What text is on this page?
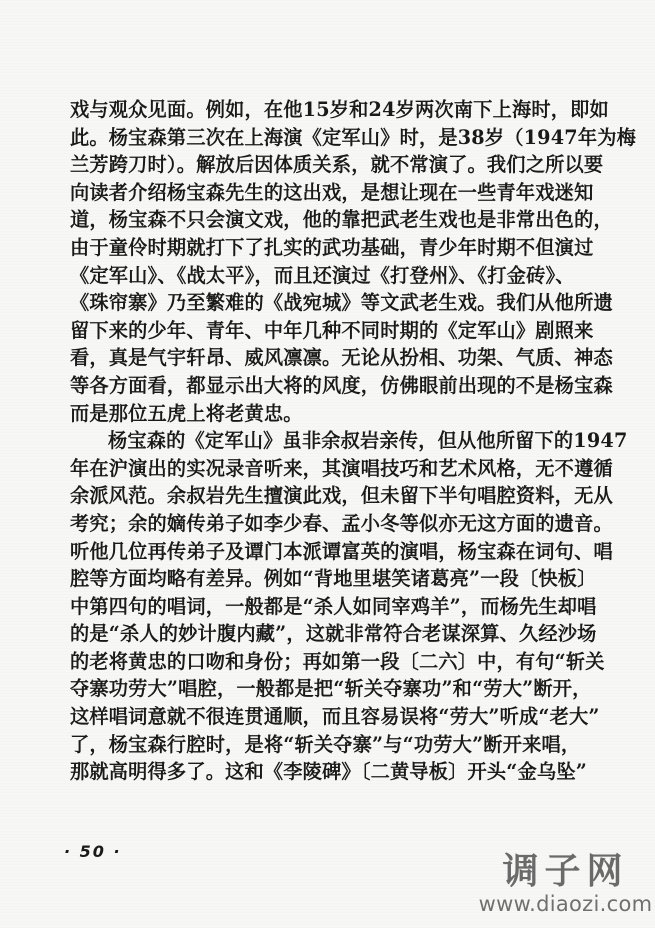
戏与观众见面。例如，在他15岁和24岁两次南下上海时，即如
此。杨宝森第三次在上海演《定军山》时，是38岁（1947年为梅
兰芳跨刀时）。解放后因体质关系，就不常演了。我们之所以要
向读者介绍杨宝森先生的这出戏，是想让现在一些青年戏迷知
道，杨宝森不只会演文戏，他的靠把武老生戏也是非常出色的，
由于童伶时期就打下了扎实的武功基础，青少年时期不但演过
《定军山》、《战太平》，而且还演过《打登州》、《打金砖》、
《珠帘寨》乃至繁难的《战宛城》等文武老生戏。我们从他所遗
留下来的少年、青年、中年几种不同时期的《定军山》剧照来
看，真是气宇轩昂、威风凛凛。无论从扮相、功架、气质、神态
等各方面看，都显示出大将的风度，仿佛眼前出现的不是杨宝森
而是那位五虎上将老黄忠。
杨宝森的《定军山》虽非余叔岩亲传，但从他所留下的1947
年在沪演出的实况录音听来，其演唱技巧和艺术风格，无不遵循
余派风范。余叔岩先生擅演此戏，但未留下半句唱腔资料，无从
考究；余的嫡传弟子如李少春、孟小冬等似亦无这方面的遗音。
听他几位再传弟子及谭门本派谭富英的演唱，杨宝森在词句、唱
腔等方面均略有差异。例如“背地里堪笑诸葛亮”一段〔快板〕
中第四句的唱词，一般都是“杀人如同宰鸡羊”，而杨先生却唱
的是“杀人的妙计腹内藏”，这就非常符合老谋深算、久经沙场
的老将黄忠的口吻和身份；再如第一段〔二六〕中，有句“斩关
夺寨功劳大”唱腔，一般都是把“斩关夺寨功”和“劳大”断开，
这样唱词意就不很连贯通顺，而且容易误将“劳大”听成“老大”
了，杨宝森行腔时，是将“斩关夺寨”与“功劳大”断开来唱，
那就高明得多了。这和《李陵碑》〔二黄导板〕开头“金乌坠”
· 50 ·	调子网
www.diaozi.com
